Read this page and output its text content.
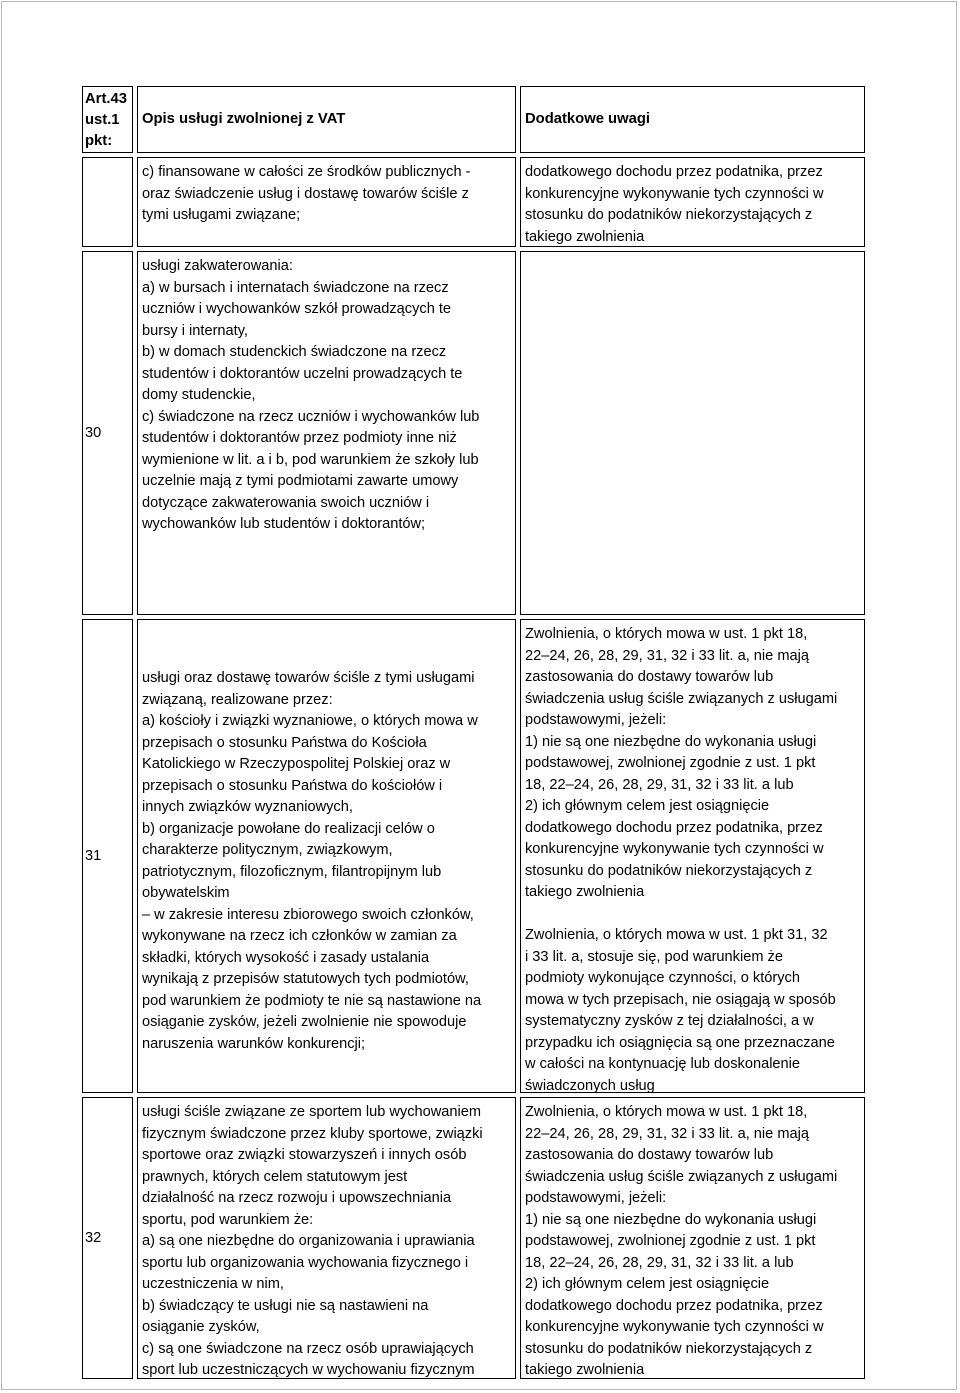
Art.43
ust.1
pkt:
Opis usługi zwolnionej z VAT	Dodatkowe uwagi
c) finansowane w całości ze środków publicznych -
oraz świadczenie usług i dostawę towarów ściśle z
tymi usługami związane;
dodatkowego dochodu przez podatnika, przez
konkurencyjne wykonywanie tych czynności w
stosunku do podatników niekorzystających z
takiego zwolnienia
30
usługi zakwaterowania:
a) w bursach i internatach świadczone na rzecz
uczniów i wychowanków szkół prowadzących te
bursy i internaty,
b) w domach studenckich świadczone na rzecz
studentów i doktorantów uczelni prowadzących te
domy studenckie,
c) świadczone na rzecz uczniów i wychowanków lub
studentów i doktorantów przez podmioty inne niż
wymienione w lit. a i b, pod warunkiem że szkoły lub
uczelnie mają z tymi podmiotami zawarte umowy
dotyczące zakwaterowania swoich uczniów i
wychowanków lub studentów i doktorantów;
31
usługi oraz dostawę towarów ściśle z tymi usługami
związaną, realizowane przez:
a) kościoły i związki wyznaniowe, o których mowa w
przepisach o stosunku Państwa do Kościoła
Katolickiego w Rzeczypospolitej Polskiej oraz w
przepisach o stosunku Państwa do kościołów i
innych związków wyznaniowych,
b) organizacje powołane do realizacji celów o
charakterze politycznym, związkowym,
patriotycznym, filozoficznym, filantropijnym lub
obywatelskim
– w zakresie interesu zbiorowego swoich członków,
wykonywane na rzecz ich członków w zamian za
składki, których wysokość i zasady ustalania
wynikają z przepisów statutowych tych podmiotów,
pod warunkiem że podmioty te nie są nastawione na
osiąganie zysków, jeżeli zwolnienie nie spowoduje
naruszenia warunków konkurencji;
Zwolnienia, o których mowa w ust. 1 pkt 18,
22–24, 26, 28, 29, 31, 32 i 33 lit. a, nie mają
zastosowania do dostawy towarów lub
świadczenia usług ściśle związanych z usługami
podstawowymi, jeżeli:
1) nie są one niezbędne do wykonania usługi
podstawowej, zwolnionej zgodnie z ust. 1 pkt
18, 22–24, 26, 28, 29, 31, 32 i 33 lit. a lub
2) ich głównym celem jest osiągnięcie
dodatkowego dochodu przez podatnika, przez
konkurencyjne wykonywanie tych czynności w
stosunku do podatników niekorzystających z
takiego zwolnienia
Zwolnienia, o których mowa w ust. 1 pkt 31, 32
i 33 lit. a, stosuje się, pod warunkiem że
podmioty wykonujące czynności, o których
mowa w tych przepisach, nie osiągają w sposób
systematyczny zysków z tej działalności, a w
przypadku ich osiągnięcia są one przeznaczane
w całości na kontynuację lub doskonalenie
świadczonych usług
32
usługi ściśle związane ze sportem lub wychowaniem
fizycznym świadczone przez kluby sportowe, związki
sportowe oraz związki stowarzyszeń i innych osób
prawnych, których celem statutowym jest
działalność na rzecz rozwoju i upowszechniania
sportu, pod warunkiem że:
a) są one niezbędne do organizowania i uprawiania
sportu lub organizowania wychowania fizycznego i
uczestniczenia w nim,
b) świadczący te usługi nie są nastawieni na
osiąganie zysków,
c) są one świadczone na rzecz osób uprawiających
sport lub uczestniczących w wychowaniu fizycznym
Zwolnienia, o których mowa w ust. 1 pkt 18,
22–24, 26, 28, 29, 31, 32 i 33 lit. a, nie mają
zastosowania do dostawy towarów lub
świadczenia usług ściśle związanych z usługami
podstawowymi, jeżeli:
1) nie są one niezbędne do wykonania usługi
podstawowej, zwolnionej zgodnie z ust. 1 pkt
18, 22–24, 26, 28, 29, 31, 32 i 33 lit. a lub
2) ich głównym celem jest osiągnięcie
dodatkowego dochodu przez podatnika, przez
konkurencyjne wykonywanie tych czynności w
stosunku do podatników niekorzystających z
takiego zwolnienia
